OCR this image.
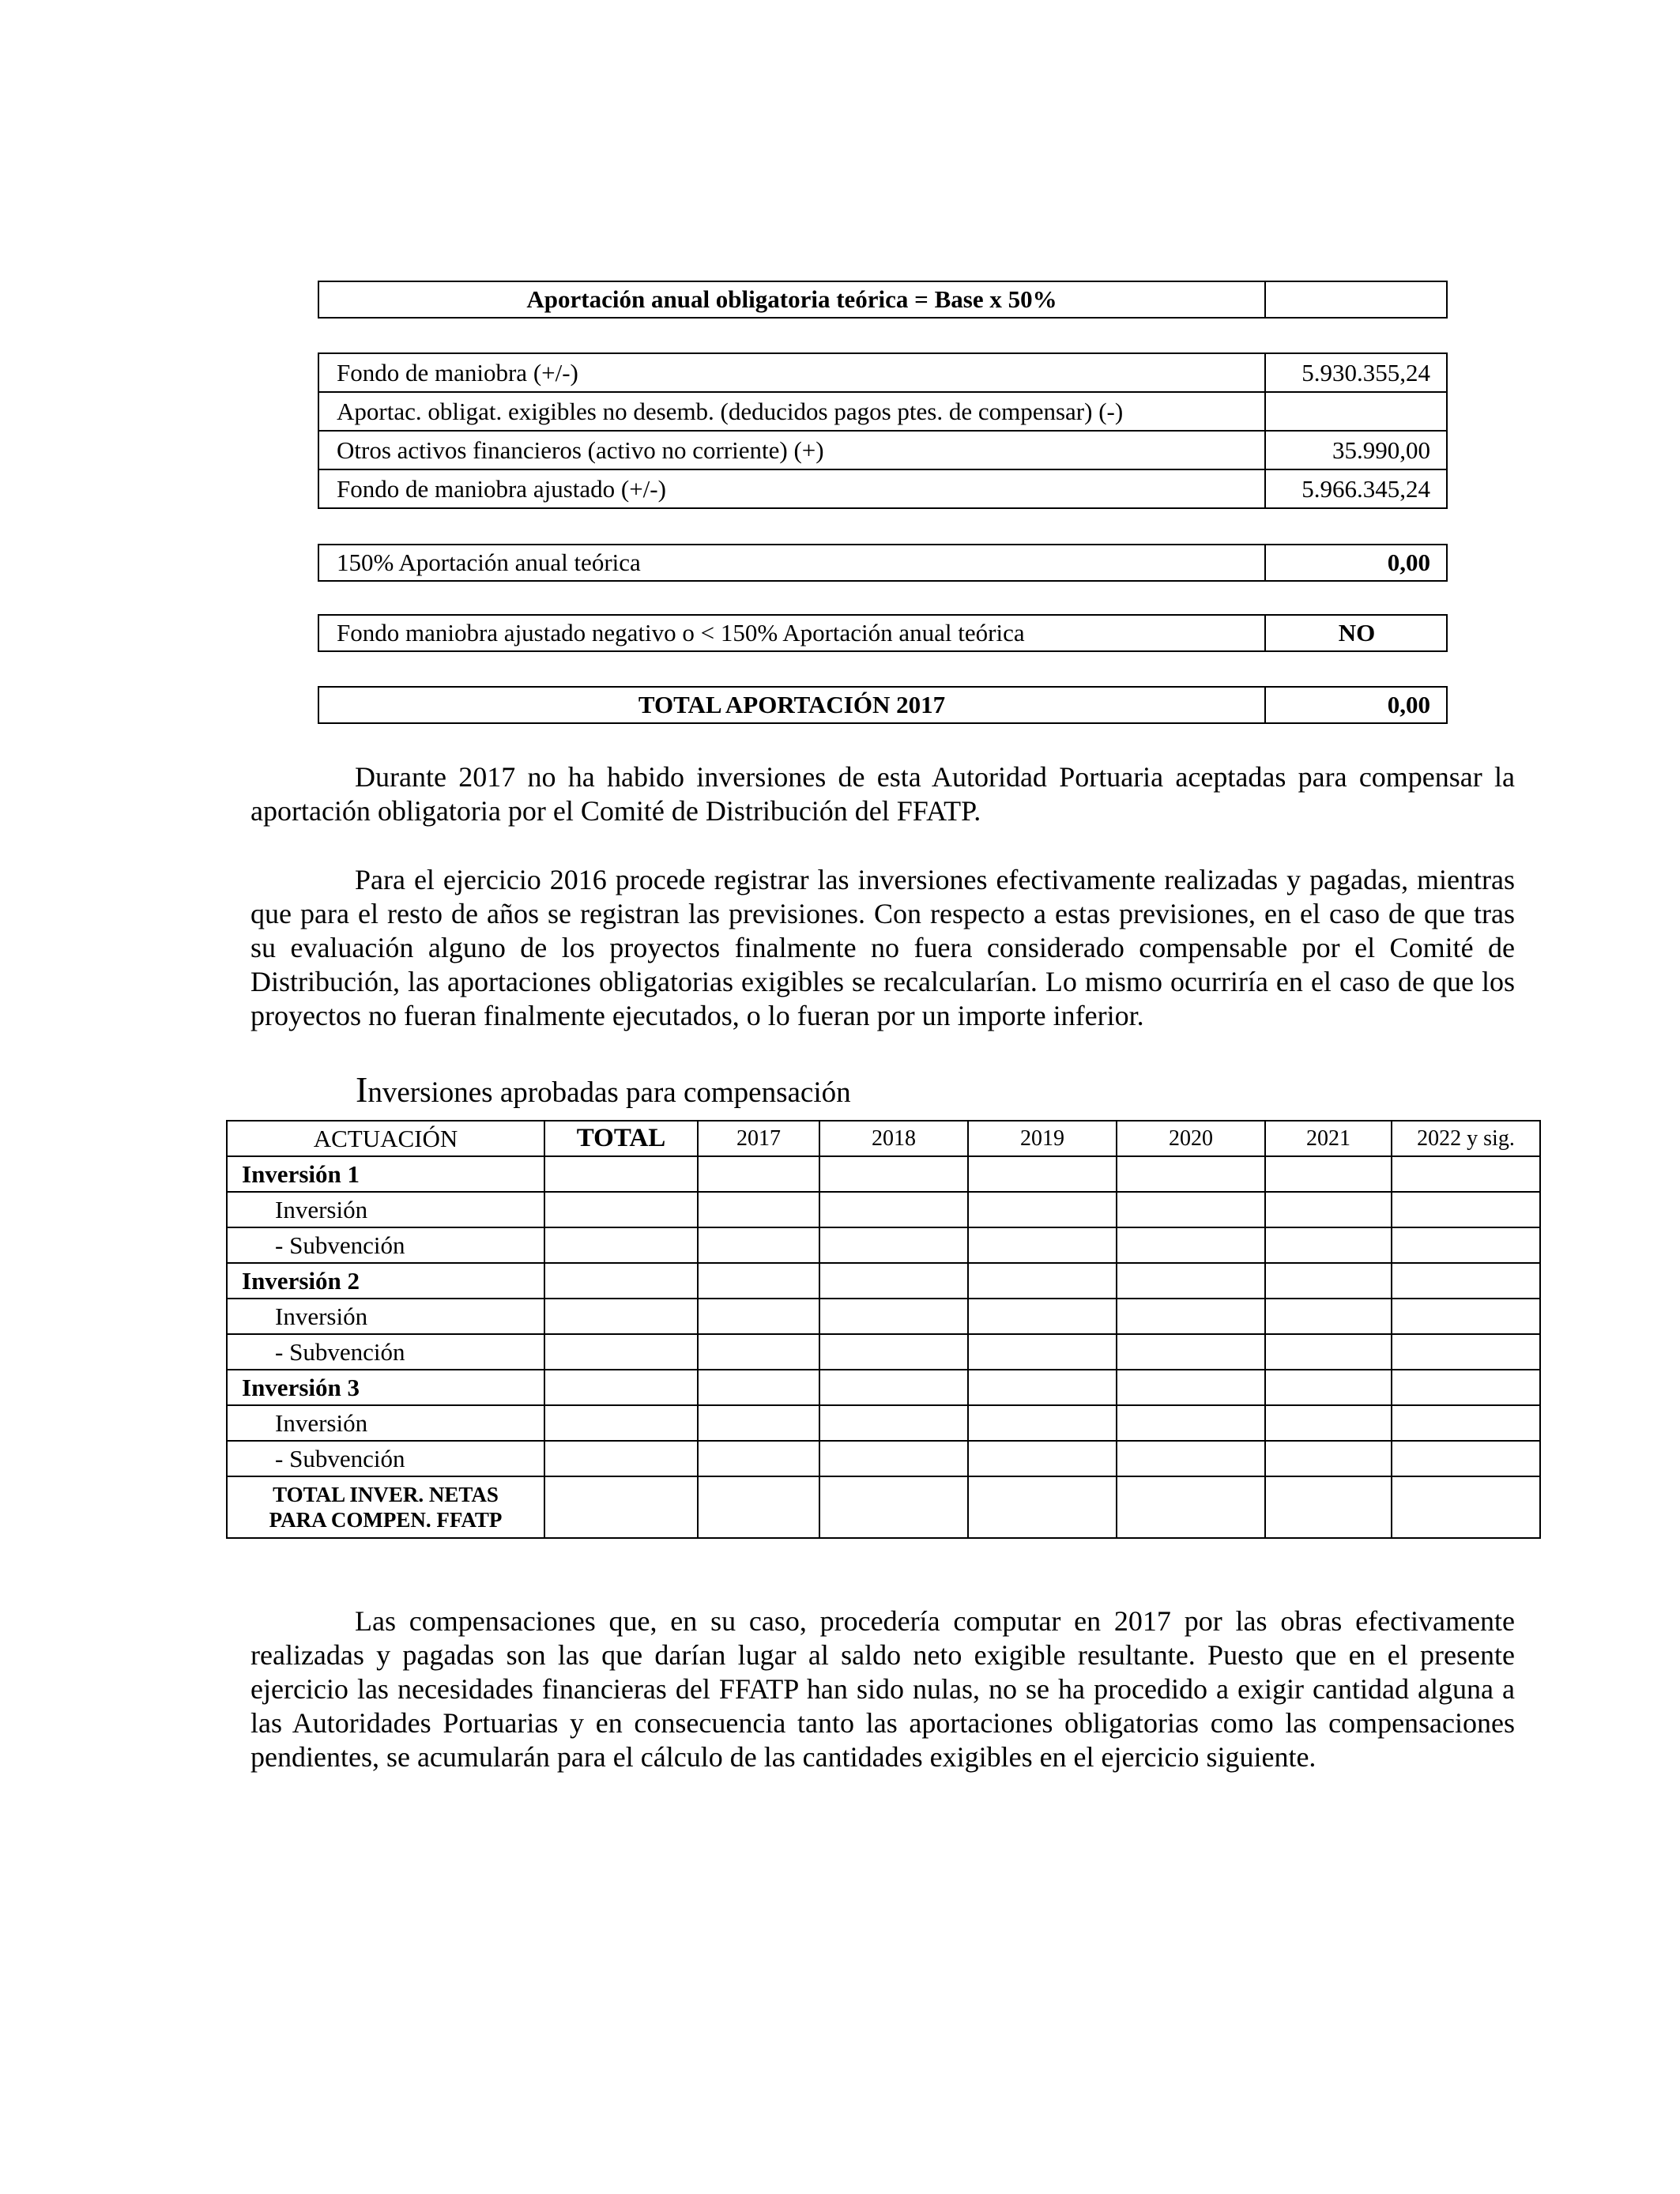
Aportación anual obligatoria teórica = Base x 50%	
Fondo de maniobra (+/-)	5.930.355,24
Aportac. obligat. exigibles no desemb. (deducidos pagos ptes. de compensar) (-)	
Otros activos financieros (activo no corriente) (+)	35.990,00
Fondo de maniobra ajustado (+/-)	5.966.345,24
150% Aportación anual teórica	0,00
Fondo maniobra ajustado negativo o < 150% Aportación anual teórica	NO
TOTAL APORTACIÓN 2017	0,00

Durante 2017 no ha habido inversiones de esta Autoridad Portuaria aceptadas para compensar la aportación obligatoria por el Comité de Distribución del FFATP.

Para el ejercicio 2016 procede registrar las inversiones efectivamente realizadas y pagadas, mientras que para el resto de años se registran las previsiones. Con respecto a estas previsiones, en el caso de que tras su evaluación alguno de los proyectos finalmente no fuera considerado compensable por el Comité de Distribución, las aportaciones obligatorias exigibles se recalcularían. Lo mismo ocurriría en el caso de que los proyectos no fueran finalmente ejecutados, o lo fueran por un importe inferior.

Inversiones aprobadas para compensación

ACTUACIÓN	TOTAL	2017	2018	2019	2020	2021	2022 y sig.
Inversión 1							
Inversión							
- Subvención							
Inversión 2							
Inversión							
- Subvención							
Inversión 3							
Inversión							
- Subvención							
TOTAL INVER. NETAS
PARA COMPEN. FFATP							

Las compensaciones que, en su caso, procedería computar en 2017 por las obras efectivamente realizadas y pagadas son las que darían lugar al saldo neto exigible resultante. Puesto que en el presente ejercicio las necesidades financieras del FFATP han sido nulas, no se ha procedido a exigir cantidad alguna a las Autoridades Portuarias y en consecuencia tanto las aportaciones obligatorias como las compensaciones pendientes, se acumularán para el cálculo de las cantidades exigibles en el ejercicio siguiente.
